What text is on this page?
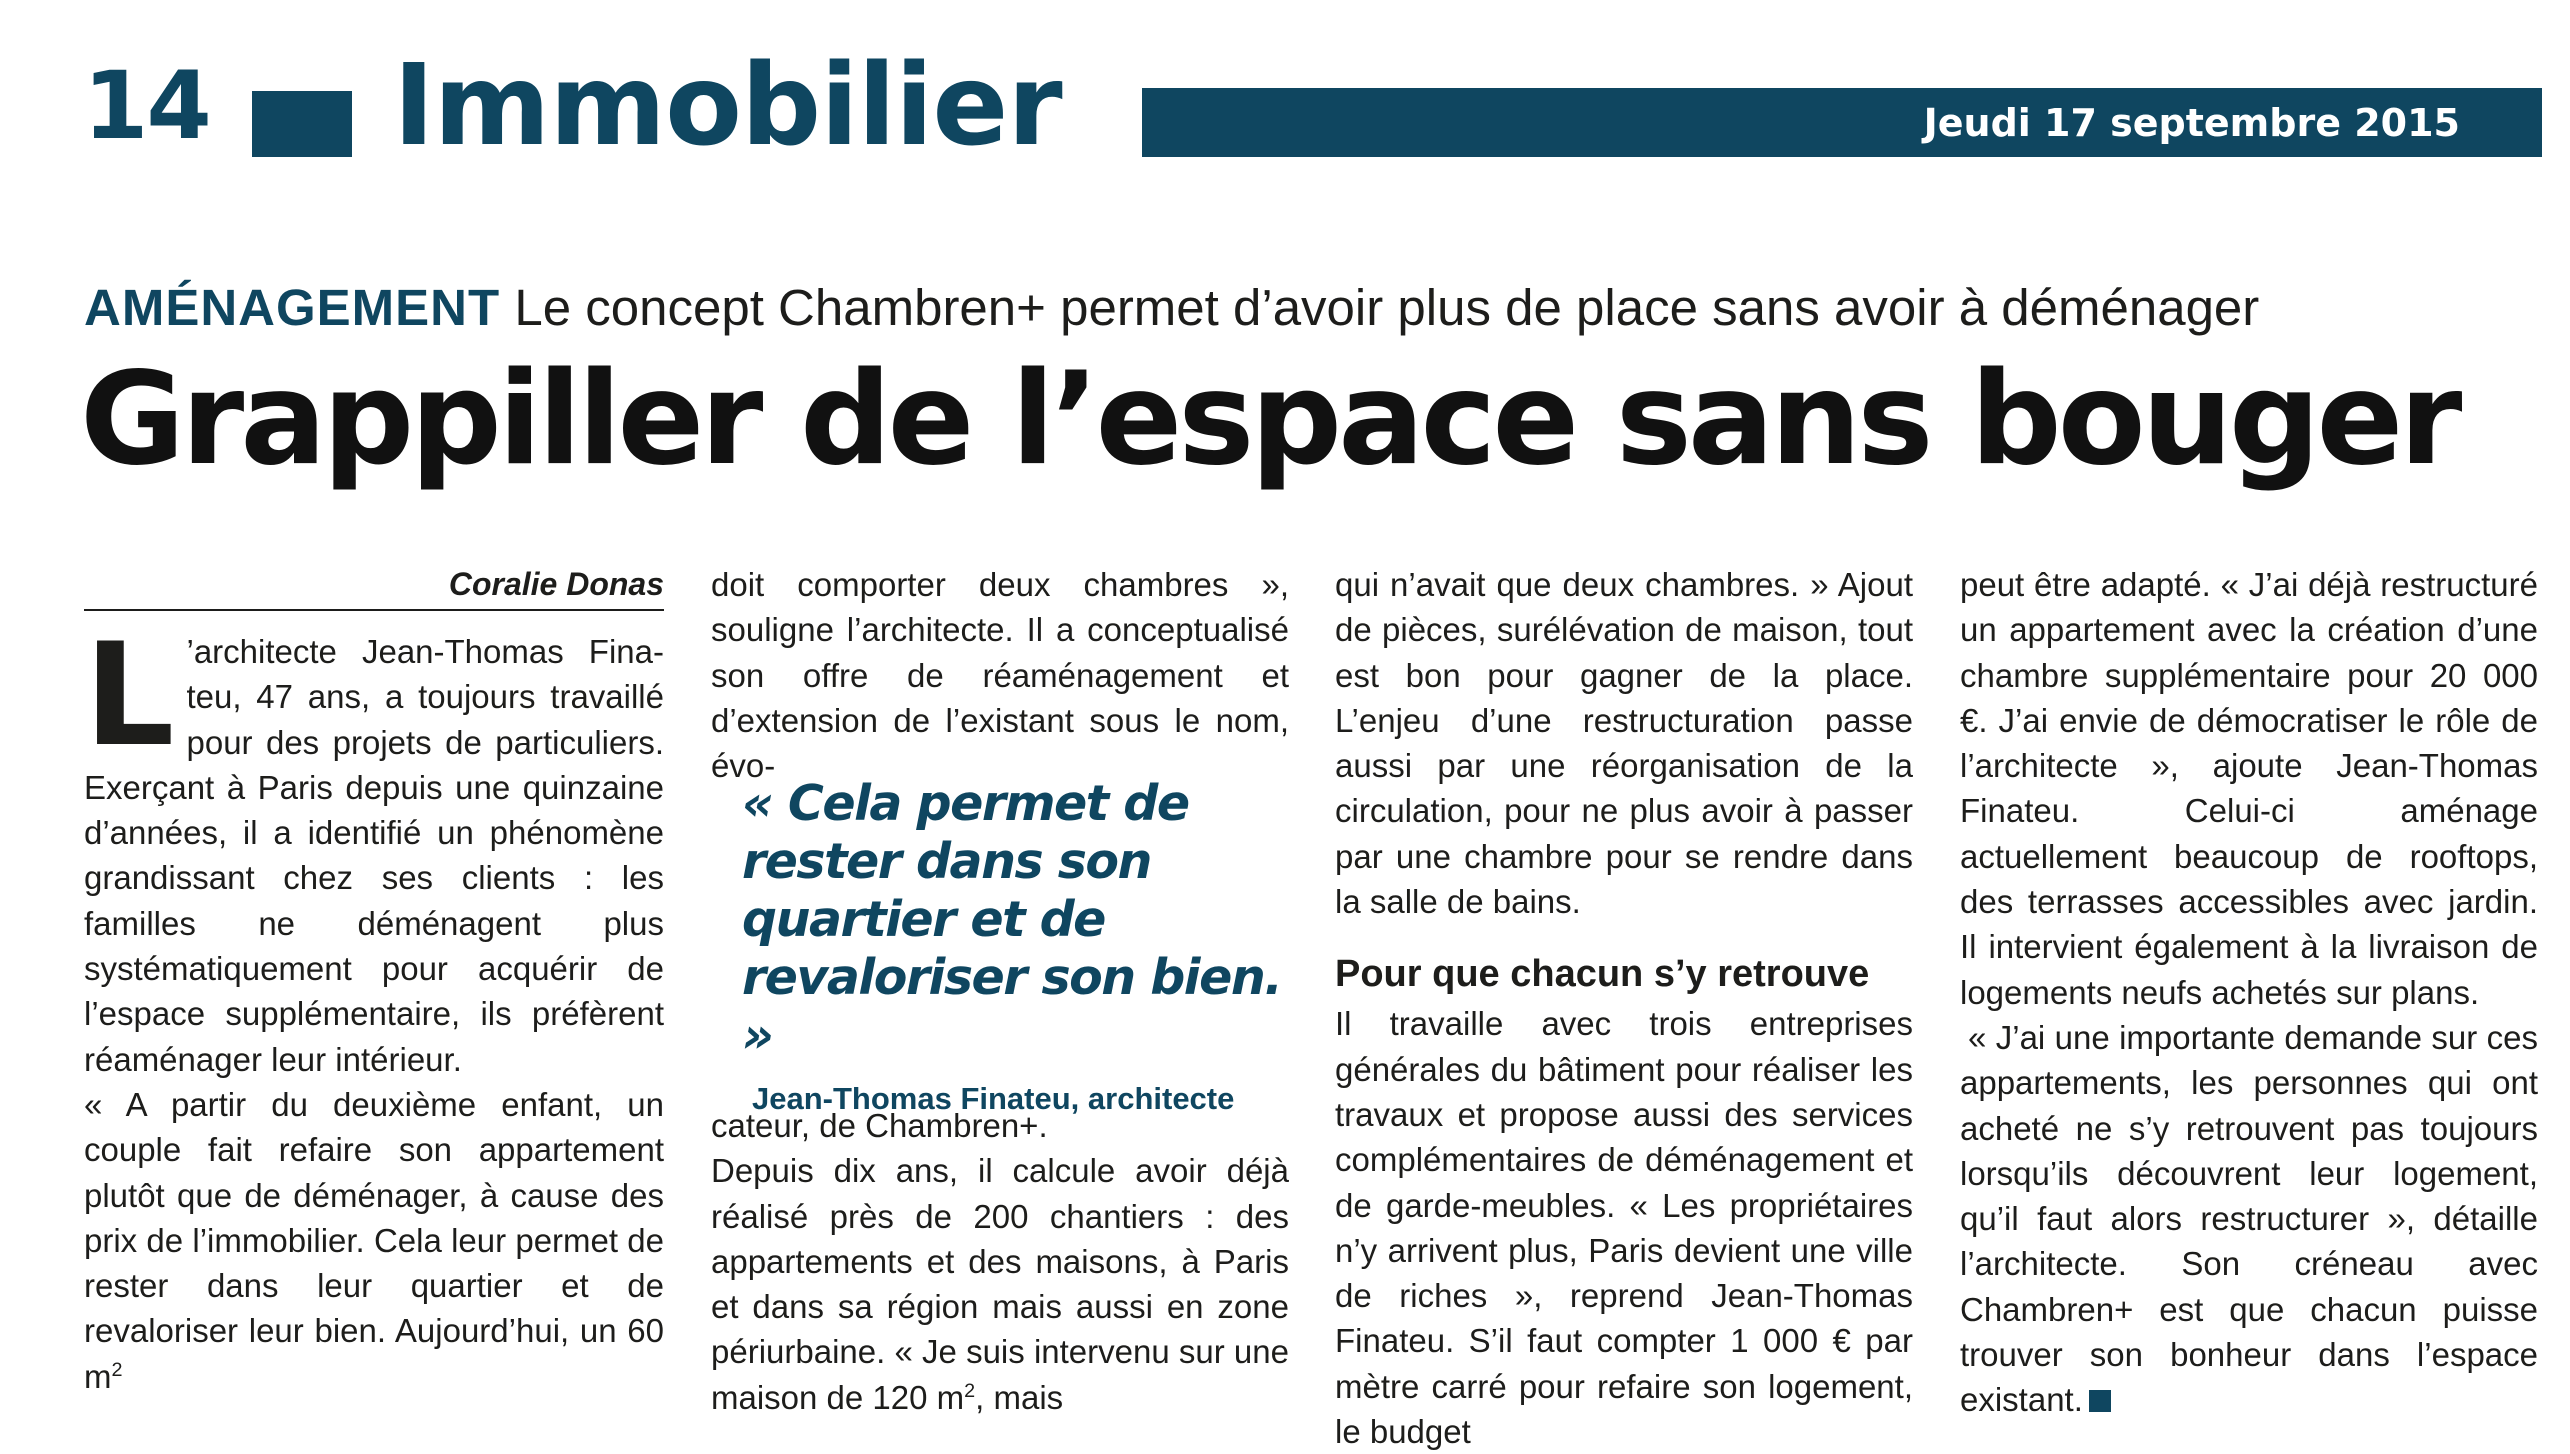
14 Immobilier	Jeudi 17 septembre 2015
AMÉNAGEMENT Le concept Chambren+ permet d’avoir plus de place sans avoir à déménager
Grappiller de l’espace sans bouger
Coralie Donas
L ’architecte Jean-Thomas Fina-
teu, 47 ans, a toujours travaillé
pour des projets de particuliers.

Exerçant à Paris depuis une quinzaine d’années, il a identifié un phénomène grandissant chez ses clients : les familles ne déménagent plus systématiquement pour acquérir de l’espace supplémentaire, ils préfèrent réaménager leur intérieur.

« A partir du deuxième enfant, un couple fait refaire son appartement plutôt que de déménager, à cause des prix de l’immobilier. Cela leur permet de rester dans leur quartier et de revaloriser leur bien. Aujourd’hui, un 60 $m^2$

doit comporter deux chambres », souligne l’architecte. Il a conceptualisé son offre de réaménagement et d’extension de l’existant sous le nom, évo-

« Cela permet de rester dans son quartier et de revaloriser son bien. »
Jean-Thomas Finateu, architecte

cateur, de Chambren+.

Depuis dix ans, il calcule avoir déjà réalisé près de 200 chantiers : des appartements et des maisons, à Paris et dans sa région mais aussi en zone périurbaine. « Je suis intervenu sur une maison de 120 $m^2$, mais

qui n’avait que deux chambres. » Ajout de pièces, surélévation de maison, tout est bon pour gagner de la place. L’enjeu d’une restructuration passe aussi par une réorganisation de la circulation, pour ne plus avoir à passer par une chambre pour se rendre dans la salle de bains.

Pour que chacun s’y retrouve

Il travaille avec trois entreprises générales du bâtiment pour réaliser les travaux et propose aussi des services complémentaires de déménagement et de garde-meubles. « Les propriétaires n’y arrivent plus, Paris devient une ville de riches », reprend Jean-Thomas Finateu. S’il faut compter 1 000 € par mètre carré pour refaire son logement, le budget

peut être adapté. « J’ai déjà restructuré un appartement avec la création d’une chambre supplémentaire pour 20 000 €. J’ai envie de démocratiser le rôle de l’architecte », ajoute Jean-Thomas Finateu. Celui-ci aménage actuellement beaucoup de rooftops, des terrasses accessibles avec jardin. Il intervient également à la livraison de logements neufs achetés sur plans.

« J’ai une importante demande sur ces appartements, les personnes qui ont acheté ne s’y retrouvent pas toujours lorsqu’ils découvrent leur logement, qu’il faut alors restructurer », détaille l’architecte. Son créneau avec Chambren+ est que chacun puisse trouver son bonheur dans l’espace existant.
